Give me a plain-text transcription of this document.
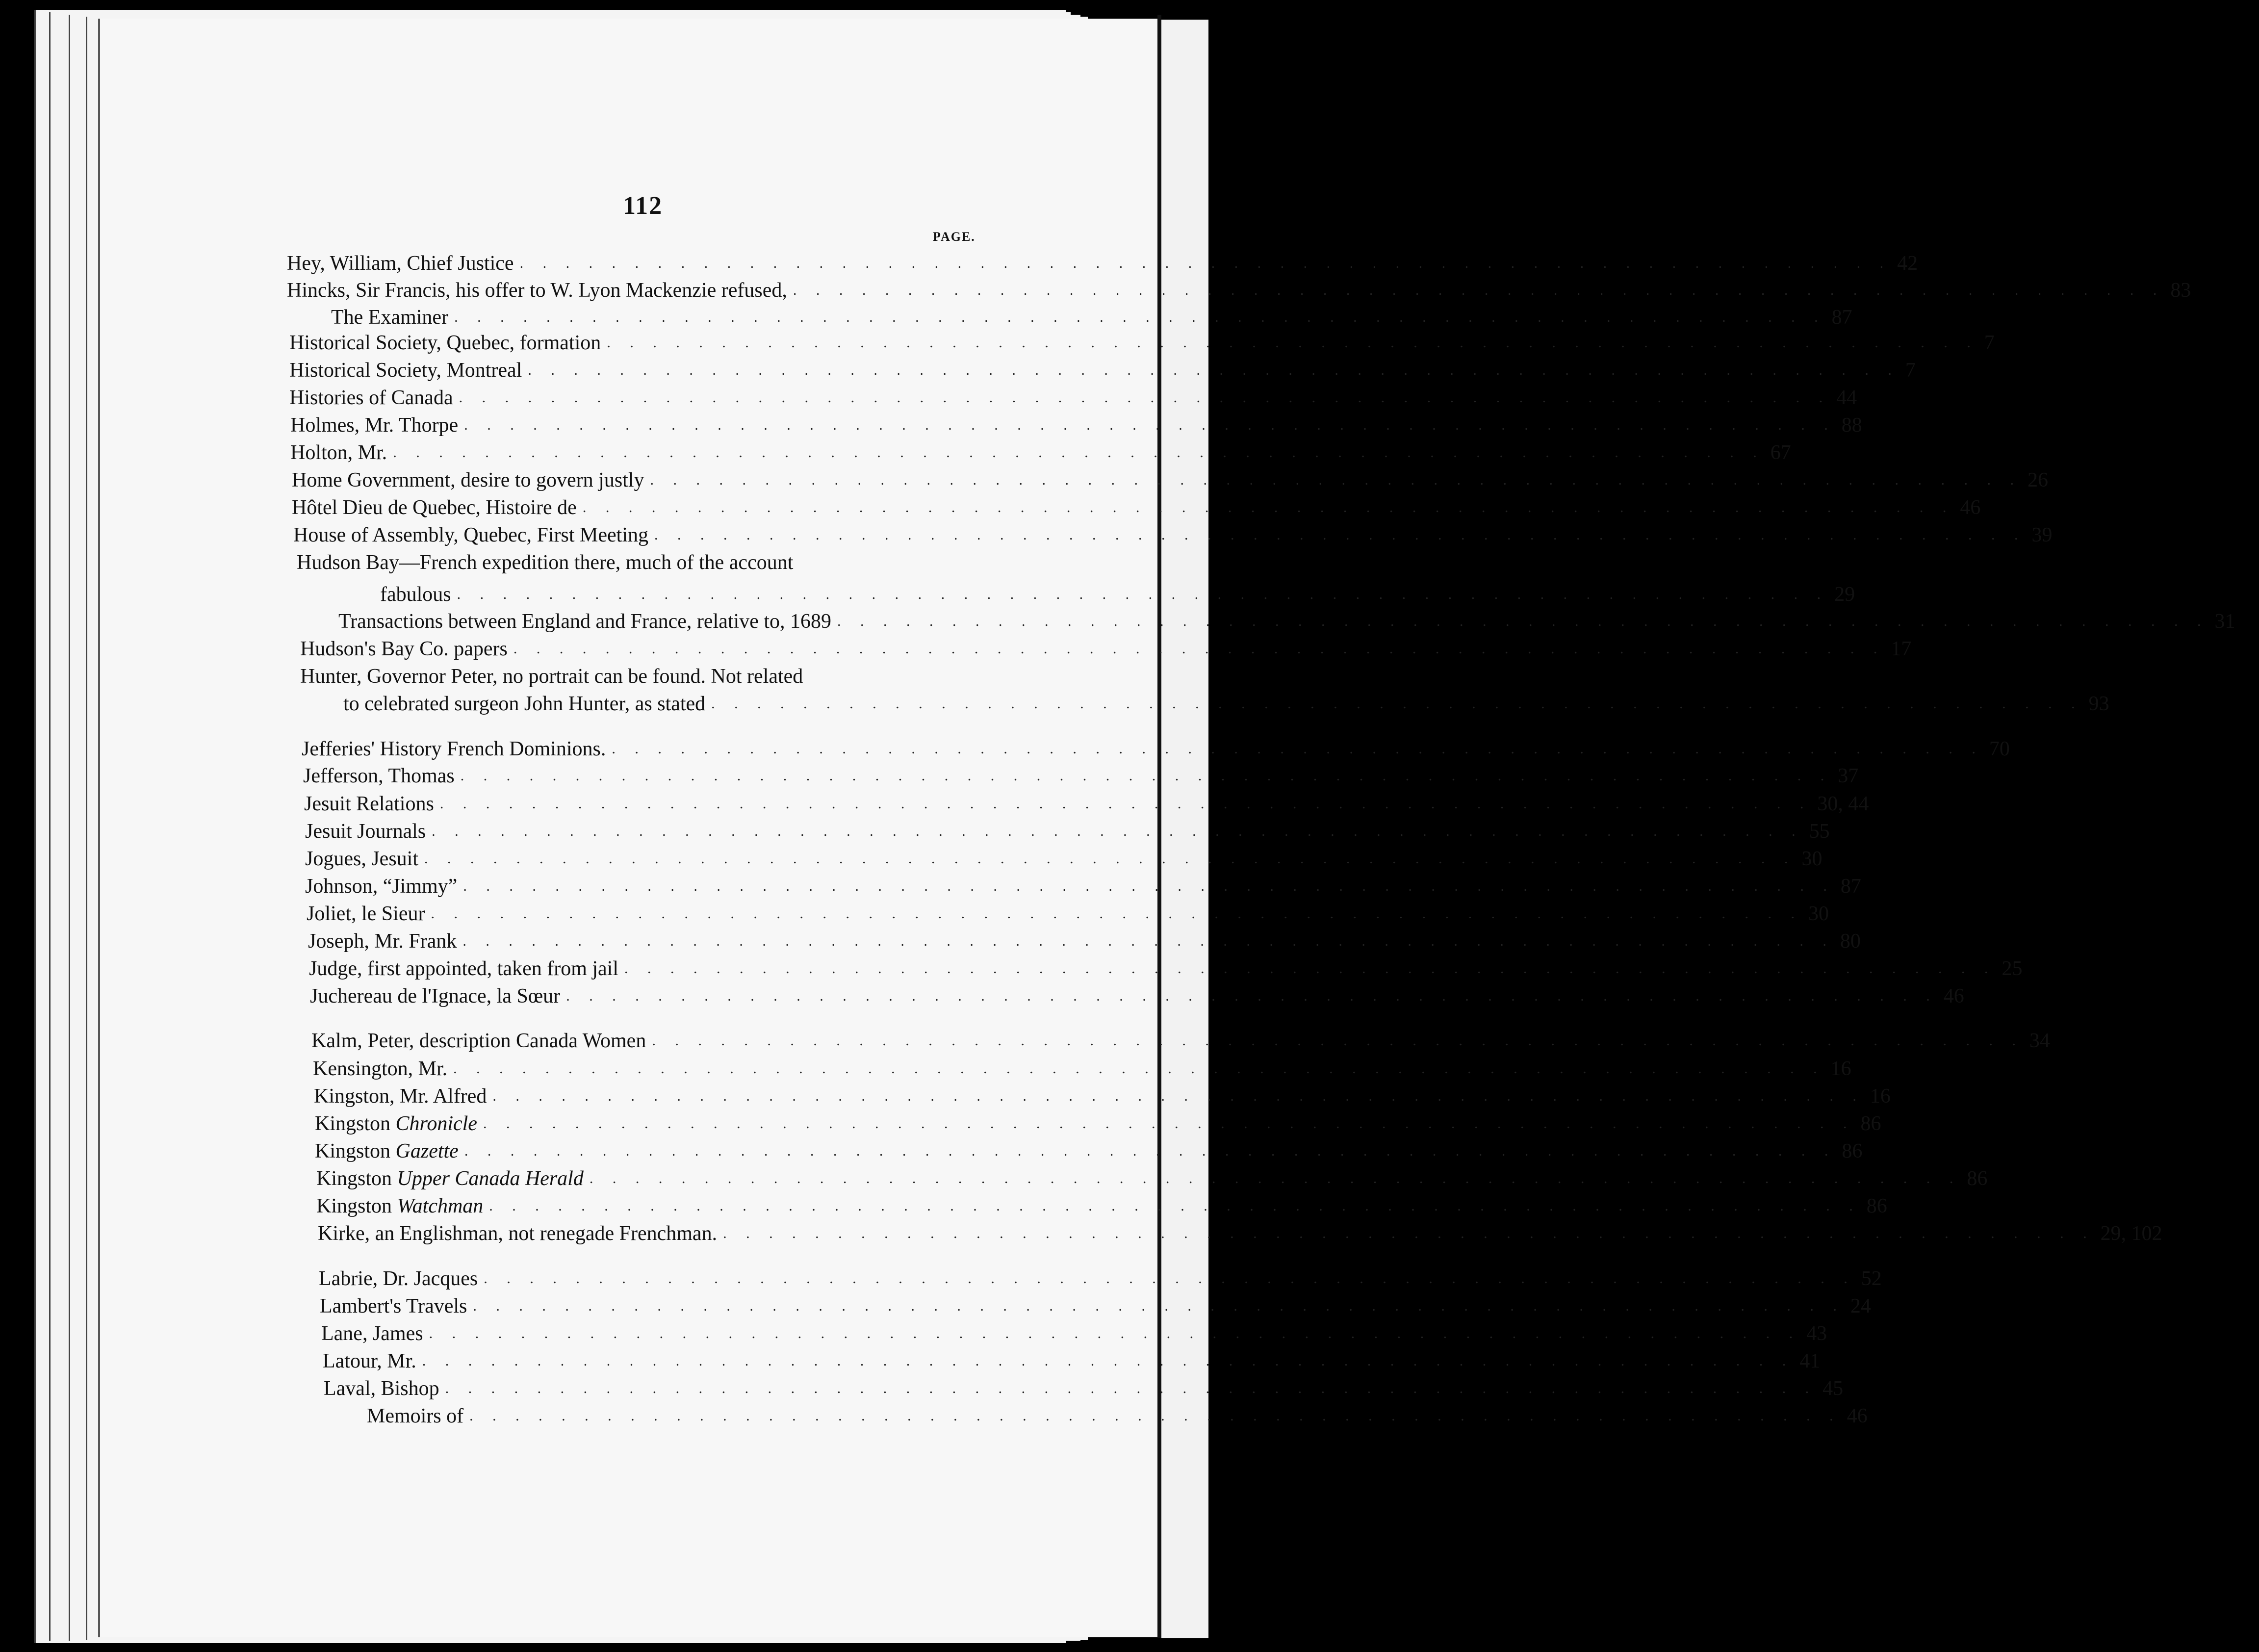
112
PAGE.
Hey, William, Chief Justice . . . . . . . . . . . . . . . . . . . . . . . . . . . . . . . . . . . . . . . . . . . . . . . . . . . . . . . . . . . . 42
Hincks, Sir Francis, his offer to W. Lyon Mackenzie refused, . . . . . . . . . . . . . . . . . . . . . . . . . . . . . . . . . . . . . . . . . . . . . . . . . . . . . . . . . . . . 83
The Examiner . . . . . . . . . . . . . . . . . . . . . . . . . . . . . . . . . . . . . . . . . . . . . . . . . . . . . . . . . . . . 87
Historical Society, Quebec, formation . . . . . . . . . . . . . . . . . . . . . . . . . . . . . . . . . . . . . . . . . . . . . . . . . . . . . . . . . . . . 7
Historical Society, Montreal . . . . . . . . . . . . . . . . . . . . . . . . . . . . . . . . . . . . . . . . . . . . . . . . . . . . . . . . . . . . 7
Histories of Canada . . . . . . . . . . . . . . . . . . . . . . . . . . . . . . . . . . . . . . . . . . . . . . . . . . . . . . . . . . . . 44
Holmes, Mr. Thorpe . . . . . . . . . . . . . . . . . . . . . . . . . . . . . . . . . . . . . . . . . . . . . . . . . . . . . . . . . . . . 88
Holton, Mr. . . . . . . . . . . . . . . . . . . . . . . . . . . . . . . . . . . . . . . . . . . . . . . . . . . . . . . . . . . . . 67
Home Government, desire to govern justly . . . . . . . . . . . . . . . . . . . . . . . . . . . . . . . . . . . . . . . . . . . . . . . . . . . . . . . . . . . . 26
Hôtel Dieu de Quebec, Histoire de . . . . . . . . . . . . . . . . . . . . . . . . . . . . . . . . . . . . . . . . . . . . . . . . . . . . . . . . . . . . 46
House of Assembly, Quebec, First Meeting . . . . . . . . . . . . . . . . . . . . . . . . . . . . . . . . . . . . . . . . . . . . . . . . . . . . . . . . . . . . 39
Hudson Bay—French expedition there, much of the account
fabulous . . . . . . . . . . . . . . . . . . . . . . . . . . . . . . . . . . . . . . . . . . . . . . . . . . . . . . . . . . . . 29
Transactions between England and France, relative to, 1689 . . . . . . . . . . . . . . . . . . . . . . . . . . . . . . . . . . . . . . . . . . . . . . . . . . . . . . . . . . . . 31
Hudson's Bay Co. papers . . . . . . . . . . . . . . . . . . . . . . . . . . . . . . . . . . . . . . . . . . . . . . . . . . . . . . . . . . . . 17
Hunter, Governor Peter, no portrait can be found. Not related
to celebrated surgeon John Hunter, as stated . . . . . . . . . . . . . . . . . . . . . . . . . . . . . . . . . . . . . . . . . . . . . . . . . . . . . . . . . . . . 93
Jefferies' History French Dominions. . . . . . . . . . . . . . . . . . . . . . . . . . . . . . . . . . . . . . . . . . . . . . . . . . . . . . . . . . . . . 70
Jefferson, Thomas . . . . . . . . . . . . . . . . . . . . . . . . . . . . . . . . . . . . . . . . . . . . . . . . . . . . . . . . . . . . 37
Jesuit Relations . . . . . . . . . . . . . . . . . . . . . . . . . . . . . . . . . . . . . . . . . . . . . . . . . . . . . . . . . . . . 30, 44
Jesuit Journals . . . . . . . . . . . . . . . . . . . . . . . . . . . . . . . . . . . . . . . . . . . . . . . . . . . . . . . . . . . . 55
Jogues, Jesuit . . . . . . . . . . . . . . . . . . . . . . . . . . . . . . . . . . . . . . . . . . . . . . . . . . . . . . . . . . . . 30
Johnson, “Jimmy” . . . . . . . . . . . . . . . . . . . . . . . . . . . . . . . . . . . . . . . . . . . . . . . . . . . . . . . . . . . . 87
Joliet, le Sieur . . . . . . . . . . . . . . . . . . . . . . . . . . . . . . . . . . . . . . . . . . . . . . . . . . . . . . . . . . . . 30
Joseph, Mr. Frank . . . . . . . . . . . . . . . . . . . . . . . . . . . . . . . . . . . . . . . . . . . . . . . . . . . . . . . . . . . . 80
Judge, first appointed, taken from jail . . . . . . . . . . . . . . . . . . . . . . . . . . . . . . . . . . . . . . . . . . . . . . . . . . . . . . . . . . . . 25
Juchereau de l'Ignace, la Sœur . . . . . . . . . . . . . . . . . . . . . . . . . . . . . . . . . . . . . . . . . . . . . . . . . . . . . . . . . . . . 46
Kalm, Peter, description Canada Women . . . . . . . . . . . . . . . . . . . . . . . . . . . . . . . . . . . . . . . . . . . . . . . . . . . . . . . . . . . . 34
Kensington, Mr. . . . . . . . . . . . . . . . . . . . . . . . . . . . . . . . . . . . . . . . . . . . . . . . . . . . . . . . . . . . . 16
Kingston, Mr. Alfred . . . . . . . . . . . . . . . . . . . . . . . . . . . . . . . . . . . . . . . . . . . . . . . . . . . . . . . . . . . . 16
Kingston Chronicle . . . . . . . . . . . . . . . . . . . . . . . . . . . . . . . . . . . . . . . . . . . . . . . . . . . . . . . . . . . . 86
Kingston Gazette . . . . . . . . . . . . . . . . . . . . . . . . . . . . . . . . . . . . . . . . . . . . . . . . . . . . . . . . . . . . 86
Kingston Upper Canada Herald . . . . . . . . . . . . . . . . . . . . . . . . . . . . . . . . . . . . . . . . . . . . . . . . . . . . . . . . . . . . 86
Kingston Watchman . . . . . . . . . . . . . . . . . . . . . . . . . . . . . . . . . . . . . . . . . . . . . . . . . . . . . . . . . . . . 86
Kirke, an Englishman, not renegade Frenchman. . . . . . . . . . . . . . . . . . . . . . . . . . . . . . . . . . . . . . . . . . . . . . . . . . . . . . . . . . . . . 29, 102
Labrie, Dr. Jacques . . . . . . . . . . . . . . . . . . . . . . . . . . . . . . . . . . . . . . . . . . . . . . . . . . . . . . . . . . . . 52
Lambert's Travels . . . . . . . . . . . . . . . . . . . . . . . . . . . . . . . . . . . . . . . . . . . . . . . . . . . . . . . . . . . . 24
Lane, James . . . . . . . . . . . . . . . . . . . . . . . . . . . . . . . . . . . . . . . . . . . . . . . . . . . . . . . . . . . . 43
Latour, Mr. . . . . . . . . . . . . . . . . . . . . . . . . . . . . . . . . . . . . . . . . . . . . . . . . . . . . . . . . . . . . 41
Laval, Bishop . . . . . . . . . . . . . . . . . . . . . . . . . . . . . . . . . . . . . . . . . . . . . . . . . . . . . . . . . . . . 45
Memoirs of . . . . . . . . . . . . . . . . . . . . . . . . . . . . . . . . . . . . . . . . . . . . . . . . . . . . . . . . . . . . 46
